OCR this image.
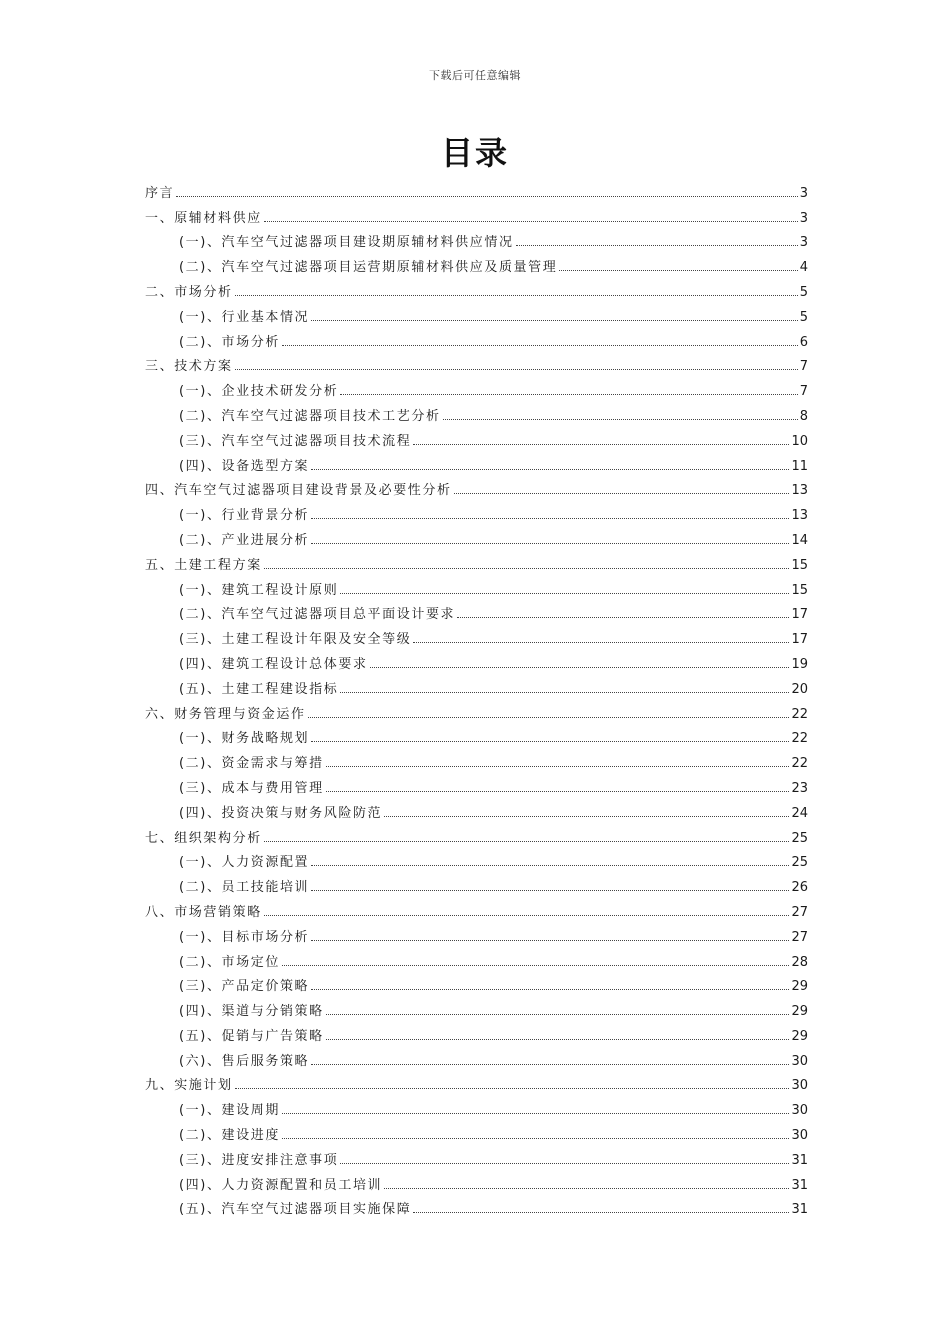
下载后可任意编辑
目录
序言	3
一、原辅材料供应	3
(一)、汽车空气过滤器项目建设期原辅材料供应情况	3
(二)、汽车空气过滤器项目运营期原辅材料供应及质量管理	4
二、市场分析	5
(一)、行业基本情况	5
(二)、市场分析	6
三、技术方案	7
(一)、企业技术研发分析	7
(二)、汽车空气过滤器项目技术工艺分析	8
(三)、汽车空气过滤器项目技术流程	10
(四)、设备选型方案	11
四、汽车空气过滤器项目建设背景及必要性分析	13
(一)、行业背景分析	13
(二)、产业进展分析	14
五、土建工程方案	15
(一)、建筑工程设计原则	15
(二)、汽车空气过滤器项目总平面设计要求	17
(三)、土建工程设计年限及安全等级	17
(四)、建筑工程设计总体要求	19
(五)、土建工程建设指标	20
六、财务管理与资金运作	22
(一)、财务战略规划	22
(二)、资金需求与筹措	22
(三)、成本与费用管理	23
(四)、投资决策与财务风险防范	24
七、组织架构分析	25
(一)、人力资源配置	25
(二)、员工技能培训	26
八、市场营销策略	27
(一)、目标市场分析	27
(二)、市场定位	28
(三)、产品定价策略	29
(四)、渠道与分销策略	29
(五)、促销与广告策略	29
(六)、售后服务策略	30
九、实施计划	30
(一)、建设周期	30
(二)、建设进度	30
(三)、进度安排注意事项	31
(四)、人力资源配置和员工培训	31
(五)、汽车空气过滤器项目实施保障	31
